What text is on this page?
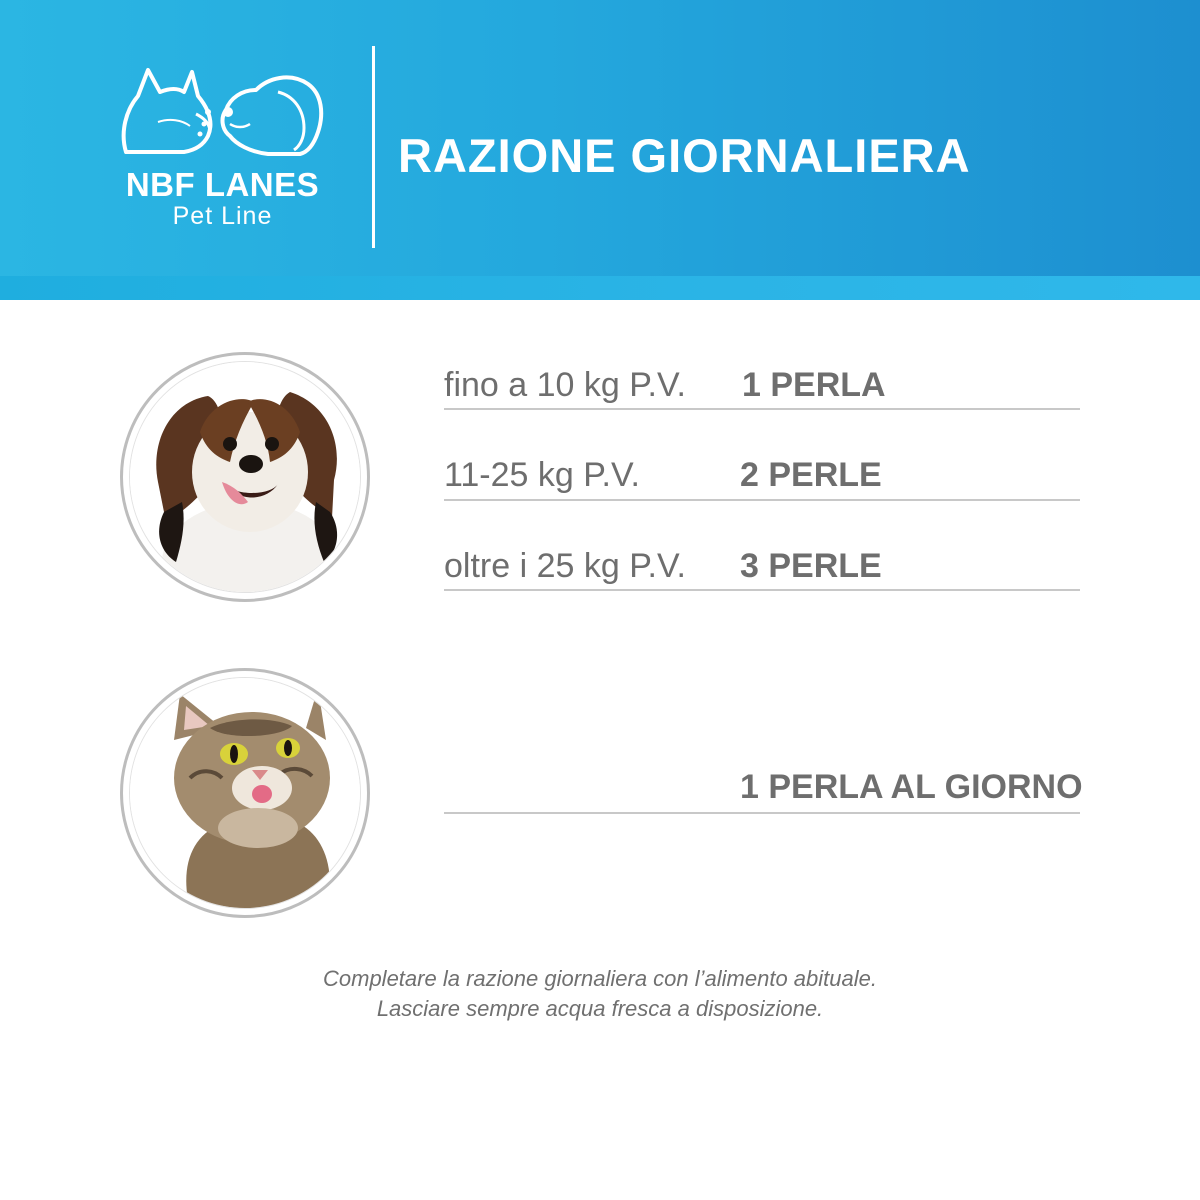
NBF LANES
Pet Line
RAZIONE GIORNALIERA
fino a 10 kg P.V. 1 PERLA
11-25 kg P.V.	2 PERLE
oltre i 25 kg P.V. 3 PERLE
1 PERLA AL GIORNO
Completare la razione giornaliera con l’alimento abituale.
Lasciare sempre acqua fresca a disposizione.
